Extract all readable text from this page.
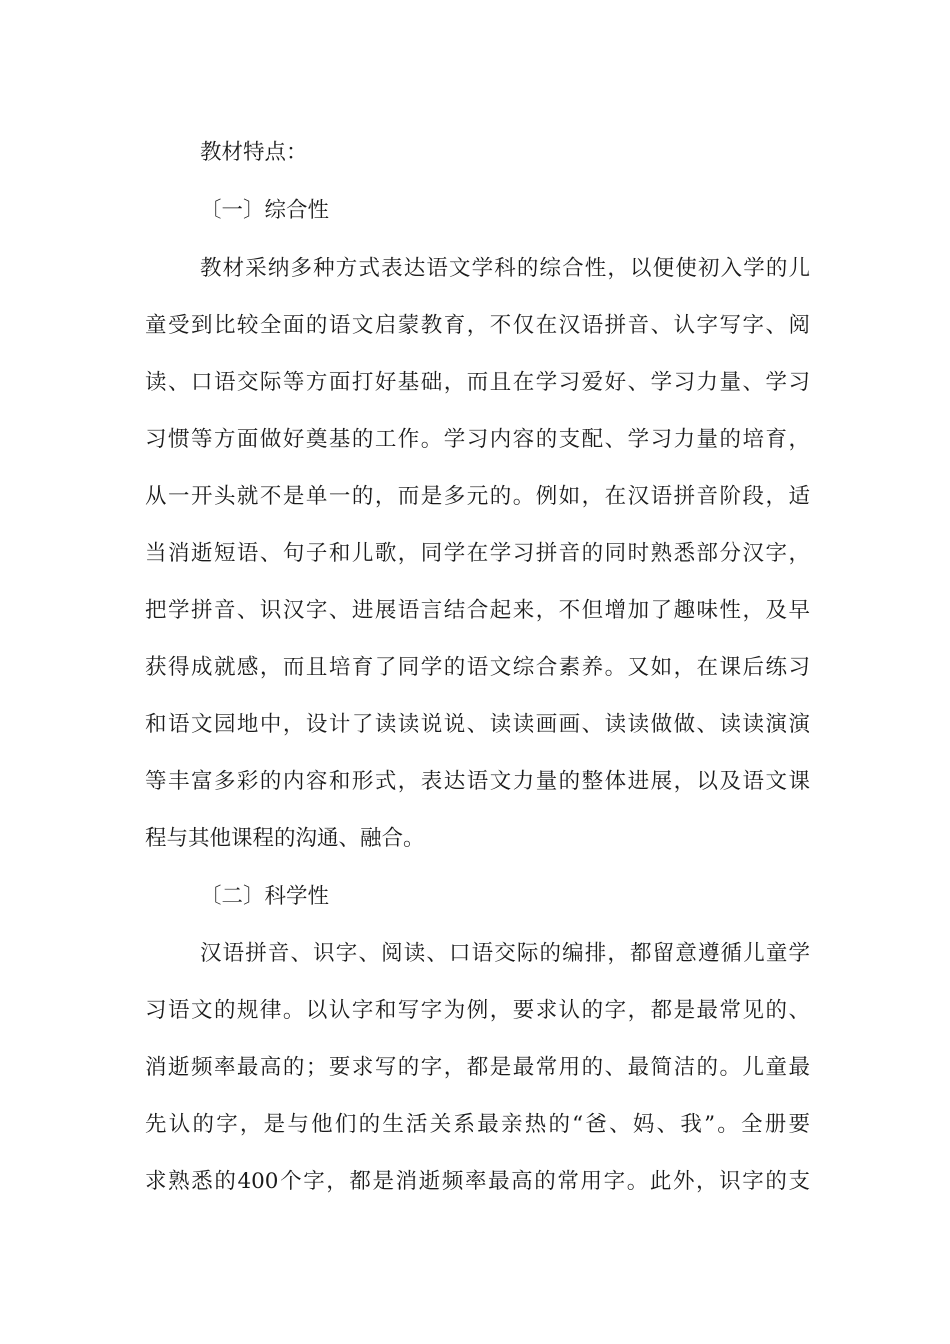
教材特点：
〔一〕综合性
教材采纳多种方式表达语文学科的综合性，以便使初入学的儿
童受到比较全面的语文启蒙教育，不仅在汉语拼音、认字写字、阅
读、口语交际等方面打好基础，而且在学习爱好、学习力量、学习
习惯等方面做好奠基的工作。学习内容的支配、学习力量的培育，
从一开头就不是单一的，而是多元的。例如，在汉语拼音阶段，适
当消逝短语、句子和儿歌，同学在学习拼音的同时熟悉部分汉字，
把学拼音、识汉字、进展语言结合起来，不但增加了趣味性，及早
获得成就感，而且培育了同学的语文综合素养。又如，在课后练习
和语文园地中，设计了读读说说、读读画画、读读做做、读读演演
等丰富多彩的内容和形式，表达语文力量的整体进展，以及语文课
程与其他课程的沟通、融合。
〔二〕科学性
汉语拼音、识字、阅读、口语交际的编排，都留意遵循儿童学
习语文的规律。以认字和写字为例，要求认的字，都是最常见的、
消逝频率最高的；要求写的字，都是最常用的、最简洁的。儿童最
先认的字，是与他们的生活关系最亲热的“爸、妈、我”。全册要
求熟悉的400个字，都是消逝频率最高的常用字。此外，识字的支
